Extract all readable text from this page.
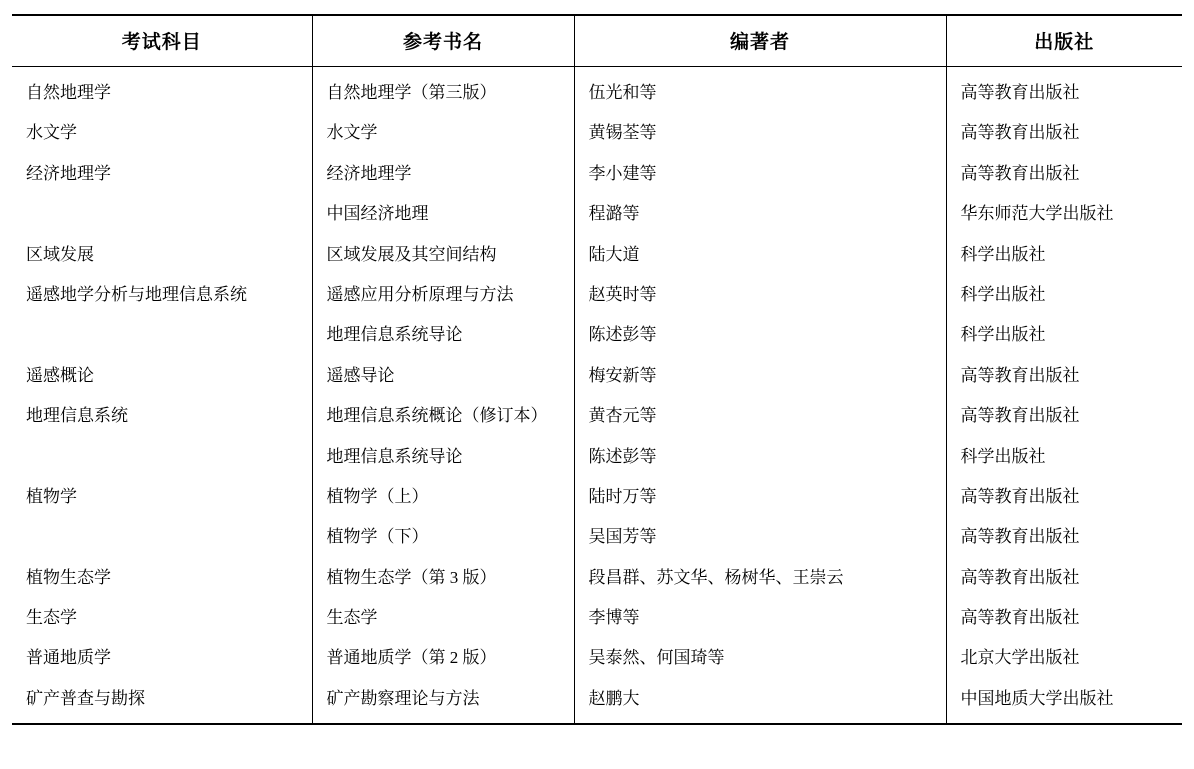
考试科目	参考书名	编著者	出版社
自然地理学	自然地理学（第三版）	伍光和等	高等教育出版社
水文学	水文学	黄锡荃等	高等教育出版社
经济地理学	经济地理学	李小建等	高等教育出版社
	中国经济地理	程潞等	华东师范大学出版社
区域发展	区域发展及其空间结构	陆大道	科学出版社
遥感地学分析与地理信息系统	遥感应用分析原理与方法	赵英时等	科学出版社
	地理信息系统导论	陈述彭等	科学出版社
遥感概论	遥感导论	梅安新等	高等教育出版社
地理信息系统	地理信息系统概论（修订本）	黄杏元等	高等教育出版社
	地理信息系统导论	陈述彭等	科学出版社
植物学	植物学（上）	陆时万等	高等教育出版社
	植物学（下）	吴国芳等	高等教育出版社
植物生态学	植物生态学（第 3 版）	段昌群、苏文华、杨树华、王崇云	高等教育出版社
生态学	生态学	李博等	高等教育出版社
普通地质学	普通地质学（第 2 版）	吴泰然、何国琦等	北京大学出版社
矿产普查与勘探	矿产勘察理论与方法	赵鹏大	中国地质大学出版社
